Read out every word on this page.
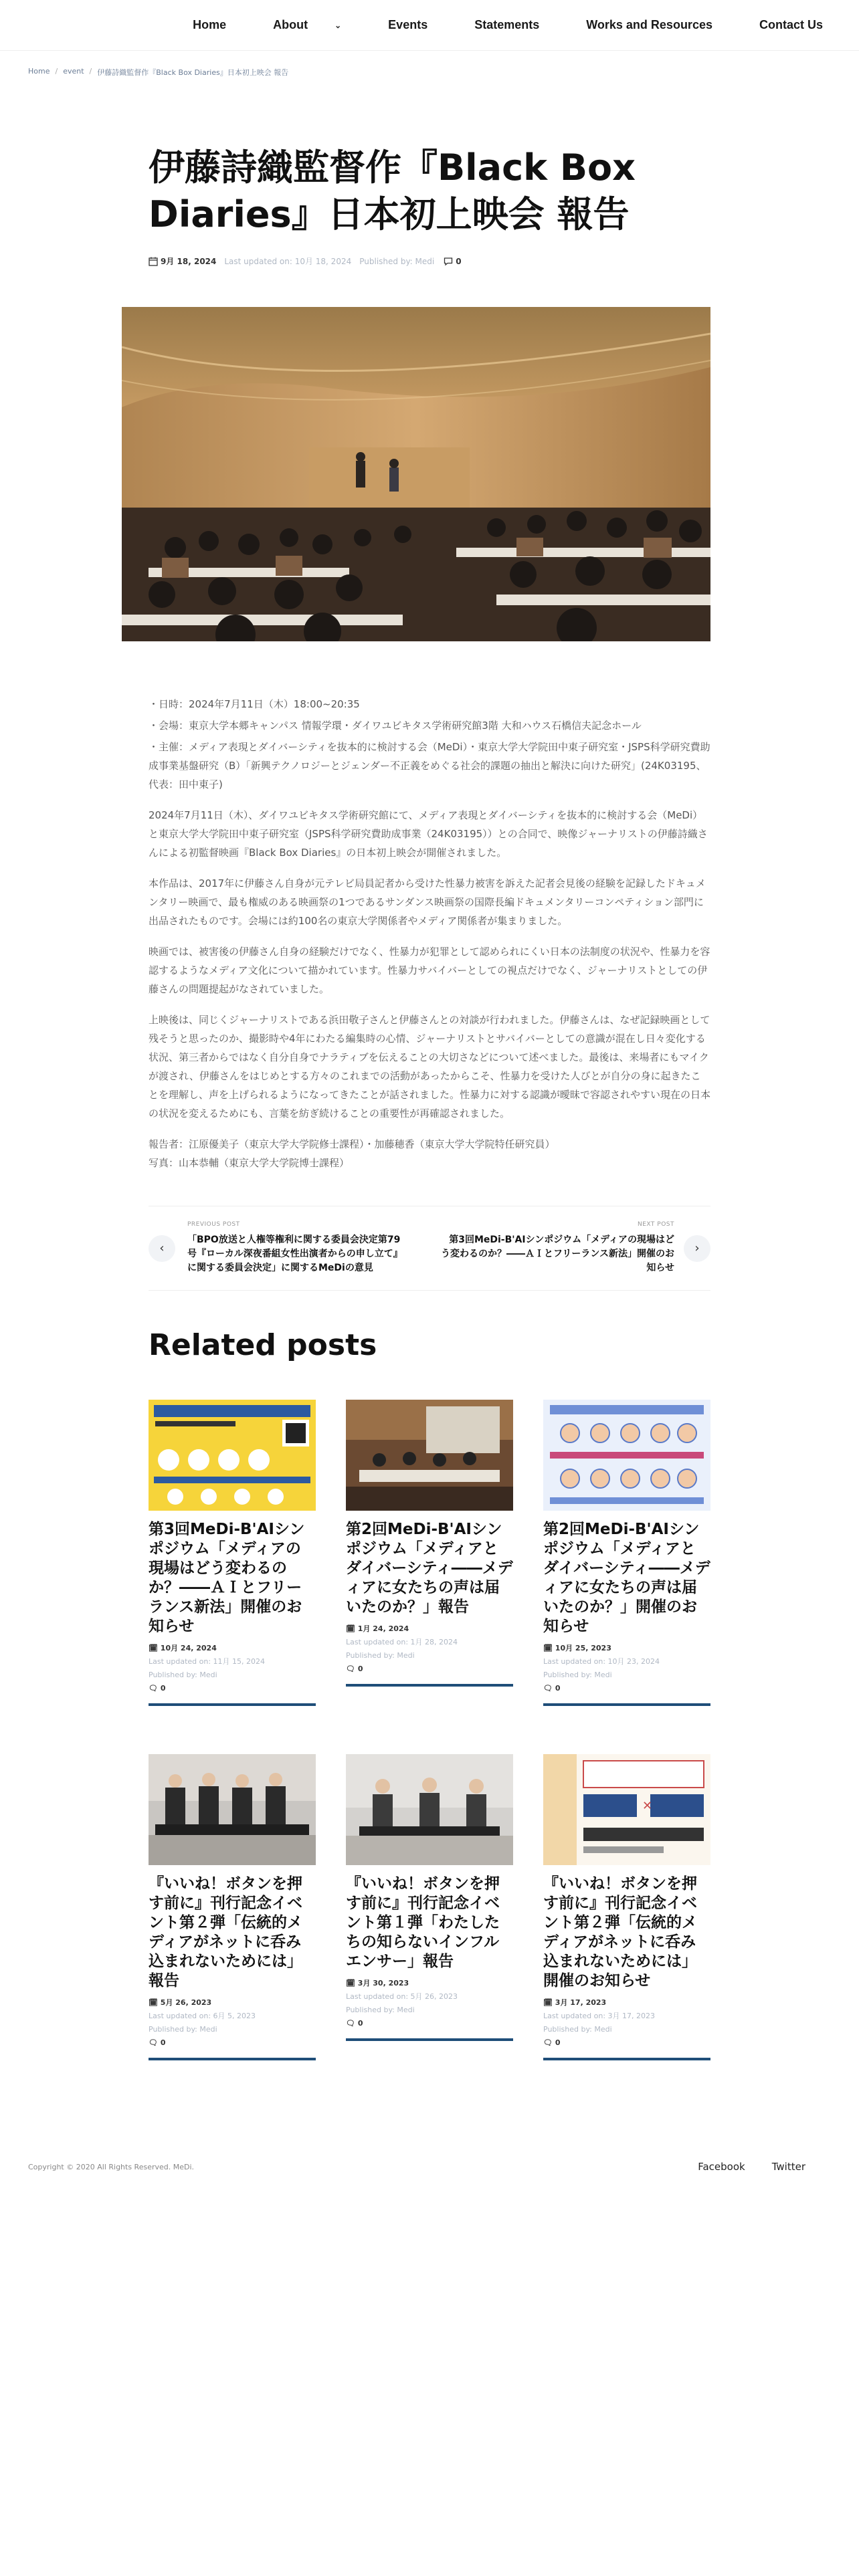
Home	About	⌄	Events	Statements	Works and Resources	Contact Us
Home / event / 伊藤詩織監督作『Black Box Diaries』日本初上映会 報告
伊藤詩織監督作『Black Box Diaries』日本初上映会 報告
9月 18, 2024 Last updated on: 10月 18, 2024 Published by: Medi	0

・日時：2024年7月11日（木）18:00~20:35

・会場：東京大学本郷キャンパス 情報学環・ダイワユビキタス学術研究館3階 大和ハウス石橋信夫記念ホール

・主催：メディア表現とダイバーシティを抜本的に検討する会（MeDi）・東京大学大学院田中東子研究室・JSPS科学研究費助成事業基盤研究（B）「新興テクノロジーとジェンダー不正義をめぐる社会的課題の抽出と解決に向けた研究」(24K03195、代表：田中東子)

2024年7月11日（木）、ダイワユビキタス学術研究館にて、メディア表現とダイバーシティを抜本的に検討する会（MeDi）と東京大学大学院田中東子研究室（JSPS科学研究費助成事業（24K03195））との合同で、映像ジャーナリストの伊藤詩織さんによる初監督映画『Black Box Diaries』の日本初上映会が開催されました。

本作品は、2017年に伊藤さん自身が元テレビ局員記者から受けた性暴力被害を訴えた記者会見後の経験を記録したドキュメンタリー映画で、最も権威のある映画祭の1つであるサンダンス映画祭の国際長編ドキュメンタリーコンペティション部門に出品されたものです。会場には約100名の東京大学関係者やメディア関係者が集まりました。

映画では、被害後の伊藤さん自身の経験だけでなく、性暴力が犯罪として認められにくい日本の法制度の状況や、性暴力を容認するようなメディア文化について描かれています。性暴力サバイバーとしての視点だけでなく、ジャーナリストとしての伊藤さんの問題提起がなされていました。

上映後は、同じくジャーナリストである浜田敬子さんと伊藤さんとの対談が行われました。伊藤さんは、なぜ記録映画として残そうと思ったのか、撮影時や4年にわたる編集時の心情、ジャーナリストとサバイバーとしての意識が混在し日々変化する状況、第三者からではなく自分自身でナラティブを伝えることの大切さなどについて述べました。最後は、来場者にもマイクが渡され、伊藤さんをはじめとする方々のこれまでの活動があったからこそ、性暴力を受けた人びとが自分の身に起きたことを理解し、声を上げられるようになってきたことが話されました。性暴力に対する認識が曖昧で容認されやすい現在の日本の状況を変えるためにも、言葉を紡ぎ続けることの重要性が再確認されました。

報告者：江原優美子（東京大学大学院修士課程）・加藤穂香（東京大学大学院特任研究員）

写真：山本恭輔（東京大学大学院博士課程）

‹
PREVIOUS POST
「BPO放送と人権等権利に関する委員会決定第79号『ローカル深夜番組女性出演者からの申し立て』に関する委員会決定」に関するMeDiの意見
NEXT POST
第3回MeDi-B'AIシンポジウム「メディアの現場はどう変わるのか？――ＡＩとフリーランス新法」開催のお知らせ
›
Related posts
第3回MeDi-B'AIシンポジウム「メディアの現場はどう変わるのか？――ＡＩとフリーランス新法」開催のお知らせ
🗓 10月 24, 2024
Last updated on: 11月 15, 2024
Published by: Medi
🗨 0
第2回MeDi-B'AIシンポジウム「メディアとダイバーシティ――メディアに女たちの声は届いたのか？」報告
🗓 1月 24, 2024
Last updated on: 1月 28, 2024
Published by: Medi
🗨 0
第2回MeDi-B'AIシンポジウム「メディアとダイバーシティ――メディアに女たちの声は届いたのか？」開催のお知らせ
🗓 10月 25, 2023
Last updated on: 10月 23, 2024
Published by: Medi
🗨 0
『いいね！ボタンを押す前に』刊行記念イベント第２弾「伝統的メディアがネットに呑み込まれないためには」報告
🗓 5月 26, 2023
Last updated on: 6月 5, 2023
Published by: Medi
🗨 0
『いいね！ボタンを押す前に』刊行記念イベント第１弾「わたしたちの知らないインフルエンサー」報告
🗓 3月 30, 2023
Last updated on: 5月 26, 2023
Published by: Medi
🗨 0
✕
『いいね！ボタンを押す前に』刊行記念イベント第２弾「伝統的メディアがネットに呑み込まれないためには」開催のお知らせ
🗓 3月 17, 2023
Last updated on: 3月 17, 2023
Published by: Medi
🗨 0
Copyright © 2020 All Rights Reserved. MeDi.	Facebook	Twitter
